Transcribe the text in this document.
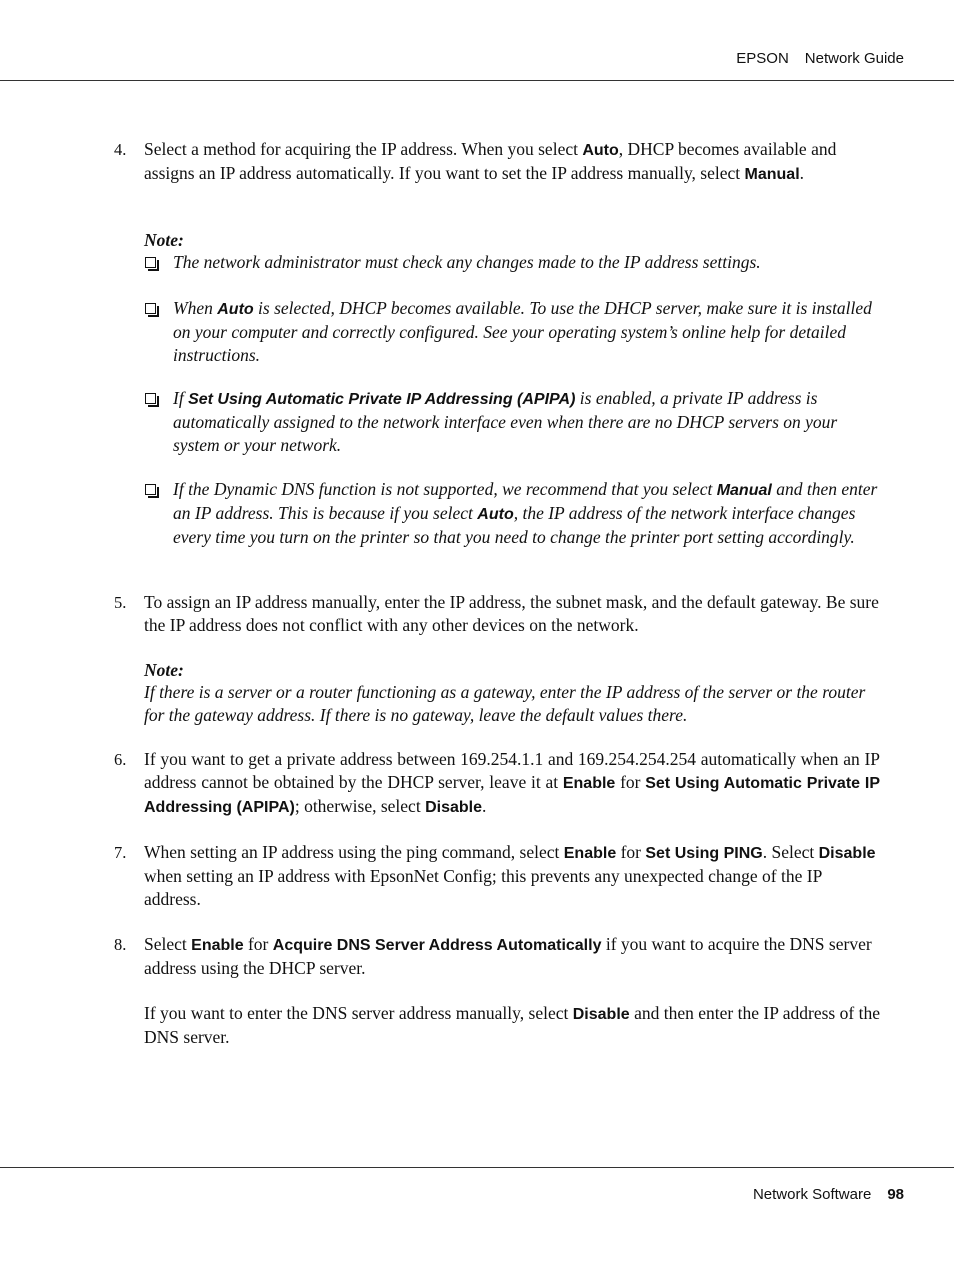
EPSON Network Guide
4. Select a method for acquiring the IP address. When you select Auto, DHCP becomes available and assigns an IP address automatically. If you want to set the IP address manually, select Manual.
Note:
The network administrator must check any changes made to the IP address settings.
When Auto is selected, DHCP becomes available. To use the DHCP server, make sure it is installed on your computer and correctly configured. See your operating system’s online help for detailed instructions.
If Set Using Automatic Private IP Addressing (APIPA) is enabled, a private IP address is automatically assigned to the network interface even when there are no DHCP servers on your system or your network.
If the Dynamic DNS function is not supported, we recommend that you select Manual and then enter an IP address. This is because if you select Auto, the IP address of the network interface changes every time you turn on the printer so that you need to change the printer port setting accordingly.
5. To assign an IP address manually, enter the IP address, the subnet mask, and the default gateway. Be sure the IP address does not conflict with any other devices on the network.
Note:
If there is a server or a router functioning as a gateway, enter the IP address of the server or the router for the gateway address. If there is no gateway, leave the default values there.
6. If you want to get a private address between 169.254.1.1 and 169.254.254.254 automatically when an IP address cannot be obtained by the DHCP server, leave it at Enable for Set Using Automatic Private IP Addressing (APIPA); otherwise, select Disable.
7. When setting an IP address using the ping command, select Enable for Set Using PING. Select Disable when setting an IP address with EpsonNet Config; this prevents any unexpected change of the IP address.
8. Select Enable for Acquire DNS Server Address Automatically if you want to acquire the DNS server address using the DHCP server.
If you want to enter the DNS server address manually, select Disable and then enter the IP address of the DNS server.
Network Software 98
